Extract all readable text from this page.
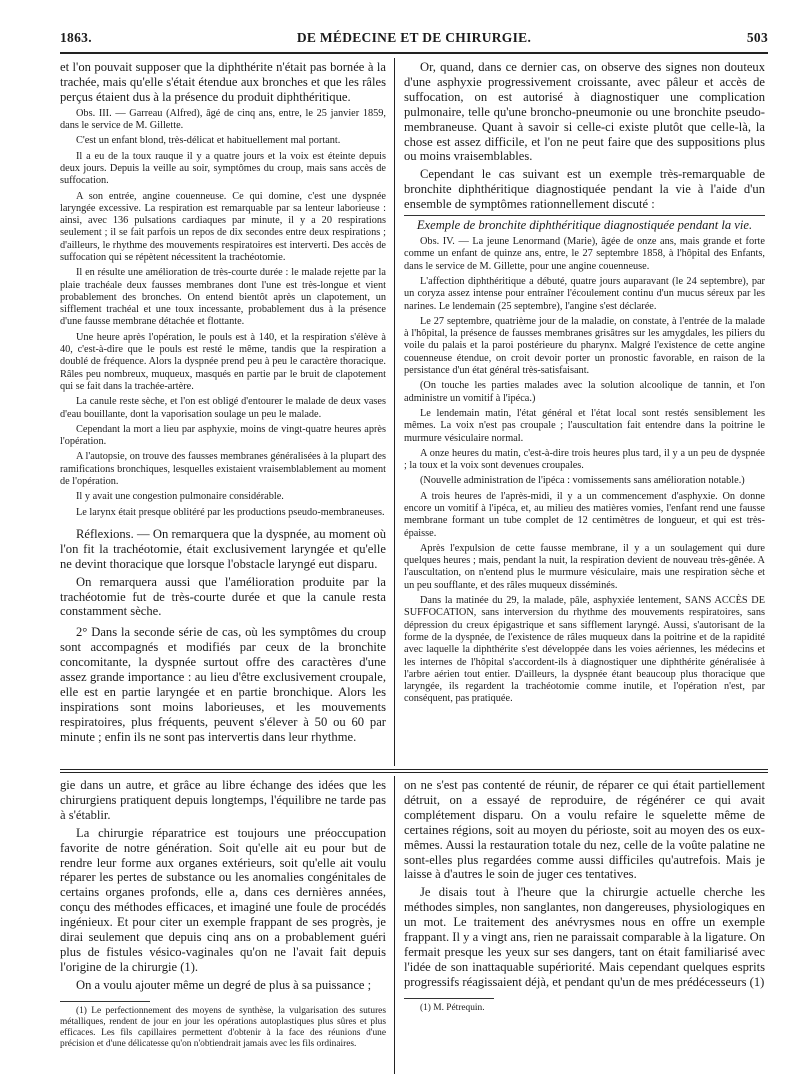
1863.	DE MÉDECINE ET DE CHIRURGIE.	503

et l'on pouvait supposer que la diphthérite n'était pas bornée à la trachée, mais qu'elle s'était étendue aux bronches et que les râles perçus étaient dus à la présence du produit diphthéritique.

Obs. III. — Garreau (Alfred), âgé de cinq ans, entre, le 25 janvier 1859, dans le service de M. Gillette.

C'est un enfant blond, très-délicat et habituellement mal portant.

Il a eu de la toux rauque il y a quatre jours et la voix est éteinte depuis deux jours. Depuis la veille au soir, symptômes du croup, mais sans accès de suffocation.

A son entrée, angine couenneuse. Ce qui domine, c'est une dyspnée laryngée excessive. La respiration est remarquable par sa lenteur laborieuse : ainsi, avec 136 pulsations cardiaques par minute, il y a 20 respirations seulement ; il se fait parfois un repos de dix secondes entre deux respirations ; d'ailleurs, le rhythme des mouvements respiratoires est interverti. Des accès de suffocation qui se répètent nécessitent la trachéotomie.

Il en résulte une amélioration de très-courte durée : le malade rejette par la plaie trachéale deux fausses membranes dont l'une est très-longue et vient probablement des bronches. On entend bientôt après un clapotement, un sifflement trachéal et une toux incessante, probablement dus à la présence d'une fausse membrane détachée et flottante.

Une heure après l'opération, le pouls est à 140, et la respiration s'élève à 40, c'est-à-dire que le pouls est resté le même, tandis que la respiration a doublé de fréquence. Alors la dyspnée prend peu à peu le caractère thoracique. Râles peu nombreux, muqueux, masqués en partie par le bruit de clapotement qui se fait dans la trachée-artère.

La canule reste sèche, et l'on est obligé d'entourer le malade de deux vases d'eau bouillante, dont la vaporisation soulage un peu le malade.

Cependant la mort a lieu par asphyxie, moins de vingt-quatre heures après l'opération.

A l'autopsie, on trouve des fausses membranes généralisées à la plupart des ramifications bronchiques, lesquelles existaient vraisemblablement au moment de l'opération.

Il y avait une congestion pulmonaire considérable.

Le larynx était presque oblitéré par les productions pseudo-membraneuses.

Réflexions. — On remarquera que la dyspnée, au moment où l'on fit la trachéotomie, était exclusivement laryngée et qu'elle ne devint thoracique que lorsque l'obstacle laryngé eut disparu.

On remarquera aussi que l'amélioration produite par la trachéotomie fut de très-courte durée et que la canule resta constamment sèche.

2° Dans la seconde série de cas, où les symptômes du croup sont accompagnés et modifiés par ceux de la bronchite concomitante, la dyspnée surtout offre des caractères d'une assez grande importance : au lieu d'être exclusivement croupale, elle est en partie laryngée et en partie bronchique. Alors les inspirations sont moins laborieuses, et les mouvements respiratoires, plus fréquents, peuvent s'élever à 50 ou 60 par minute ; enfin ils ne sont pas intervertis dans leur rhythme.

Or, quand, dans ce dernier cas, on observe des signes non douteux d'une asphyxie progressivement croissante, avec pâleur et accès de suffocation, on est autorisé à diagnostiquer une complication pulmonaire, telle qu'une broncho-pneumonie ou une bronchite pseudo-membraneuse. Quant à savoir si celle-ci existe plutôt que celle-là, la chose est assez difficile, et l'on ne peut faire que des suppositions plus ou moins vraisemblables.

Cependant le cas suivant est un exemple très-remarquable de bronchite diphthéritique diagnostiquée pendant la vie à l'aide d'un ensemble de symptômes rationnellement discuté :

Exemple de bronchite diphthéritique diagnostiquée pendant la vie.

Obs. IV. — La jeune Lenormand (Marie), âgée de onze ans, mais grande et forte comme un enfant de quinze ans, entre, le 27 septembre 1858, à l'hôpital des Enfants, dans le service de M. Gillette, pour une angine couenneuse.

L'affection diphthéritique a débuté, quatre jours auparavant (le 24 septembre), par un coryza assez intense pour entraîner l'écoulement continu d'un mucus séreux par les narines. Le lendemain (25 septembre), l'angine s'est déclarée.

Le 27 septembre, quatrième jour de la maladie, on constate, à l'entrée de la malade à l'hôpital, la présence de fausses membranes grisâtres sur les amygdales, les piliers du voile du palais et la paroi postérieure du pharynx. Malgré l'existence de cette angine couenneuse étendue, on croit devoir porter un pronostic favorable, en raison de la persistance d'un état général très-satisfaisant.

(On touche les parties malades avec la solution alcoolique de tannin, et l'on administre un vomitif à l'ipéca.)

Le lendemain matin, l'état général et l'état local sont restés sensiblement les mêmes. La voix n'est pas croupale ; l'auscultation fait entendre dans la poitrine le murmure vésiculaire normal.

A onze heures du matin, c'est-à-dire trois heures plus tard, il y a un peu de dyspnée ; la toux et la voix sont devenues croupales.

(Nouvelle administration de l'ipéca : vomissements sans amélioration notable.)

A trois heures de l'après-midi, il y a un commencement d'asphyxie. On donne encore un vomitif à l'ipéca, et, au milieu des matières vomies, l'enfant rend une fausse membrane formant un tube complet de 12 centimètres de longueur, et qui est très-épaisse.

Après l'expulsion de cette fausse membrane, il y a un soulagement qui dure quelques heures ; mais, pendant la nuit, la respiration devient de nouveau très-gênée. A l'auscultation, on n'entend plus le murmure vésiculaire, mais une respiration sèche et un peu soufflante, et des râles muqueux disséminés.

Dans la matinée du 29, la malade, pâle, asphyxiée lentement, SANS ACCÈS DE SUFFOCATION, sans interversion du rhythme des mouvements respiratoires, sans dépression du creux épigastrique et sans sifflement laryngé. Aussi, s'autorisant de la forme de la dyspnée, de l'existence de râles muqueux dans la poitrine et de la rapidité avec laquelle la diphthérite s'est développée dans les voies aériennes, les médecins et les internes de l'hôpital s'accordent-ils à diagnostiquer une diphthérite généralisée à l'arbre aérien tout entier. D'ailleurs, la dyspnée étant beaucoup plus thoracique que laryngée, ils regardent la trachéotomie comme inutile, et l'opération n'est, par conséquent, pas pratiquée.

gie dans un autre, et grâce au libre échange des idées que les chirurgiens pratiquent depuis longtemps, l'équilibre ne tarde pas à s'établir.

La chirurgie réparatrice est toujours une préoccupation favorite de notre génération. Soit qu'elle ait eu pour but de rendre leur forme aux organes extérieurs, soit qu'elle ait voulu réparer les pertes de substance ou les anomalies congénitales de certains organes profonds, elle a, dans ces dernières années, conçu des méthodes efficaces, et imaginé une foule de procédés ingénieux. Et pour citer un exemple frappant de ses progrès, je dirai seulement que depuis cinq ans on a probablement guéri plus de fistules vésico-vaginales qu'on ne l'avait fait depuis l'origine de la chirurgie (1).

On a voulu ajouter même un degré de plus à sa puissance ;

(1) Le perfectionnement des moyens de synthèse, la vulgarisation des sutures métalliques, rendent de jour en jour les opérations autoplastiques plus sûres et plus efficaces. Les fils capillaires permettent d'obtenir à la face des réunions d'une précision et d'une délicatesse qu'on n'obtiendrait jamais avec les fils ordinaires.

on ne s'est pas contenté de réunir, de réparer ce qui était partiellement détruit, on a essayé de reproduire, de régénérer ce qui avait complétement disparu. On a voulu refaire le squelette même de certaines régions, soit au moyen du périoste, soit au moyen des os eux-mêmes. Aussi la restauration totale du nez, celle de la voûte palatine ne sont-elles plus regardées comme aussi difficiles qu'autrefois. Mais je laisse à d'autres le soin de juger ces tentatives.

Je disais tout à l'heure que la chirurgie actuelle cherche les méthodes simples, non sanglantes, non dangereuses, physiologiques en un mot. Le traitement des anévrysmes nous en offre un exemple frappant. Il y a vingt ans, rien ne paraissait comparable à la ligature. On fermait presque les yeux sur ses dangers, tant on était familiarisé avec l'idée de son inattaquable supériorité. Mais cependant quelques esprits progressifs réagissaient déjà, et pendant qu'un de mes prédécesseurs (1)

(1) M. Pétrequin.
